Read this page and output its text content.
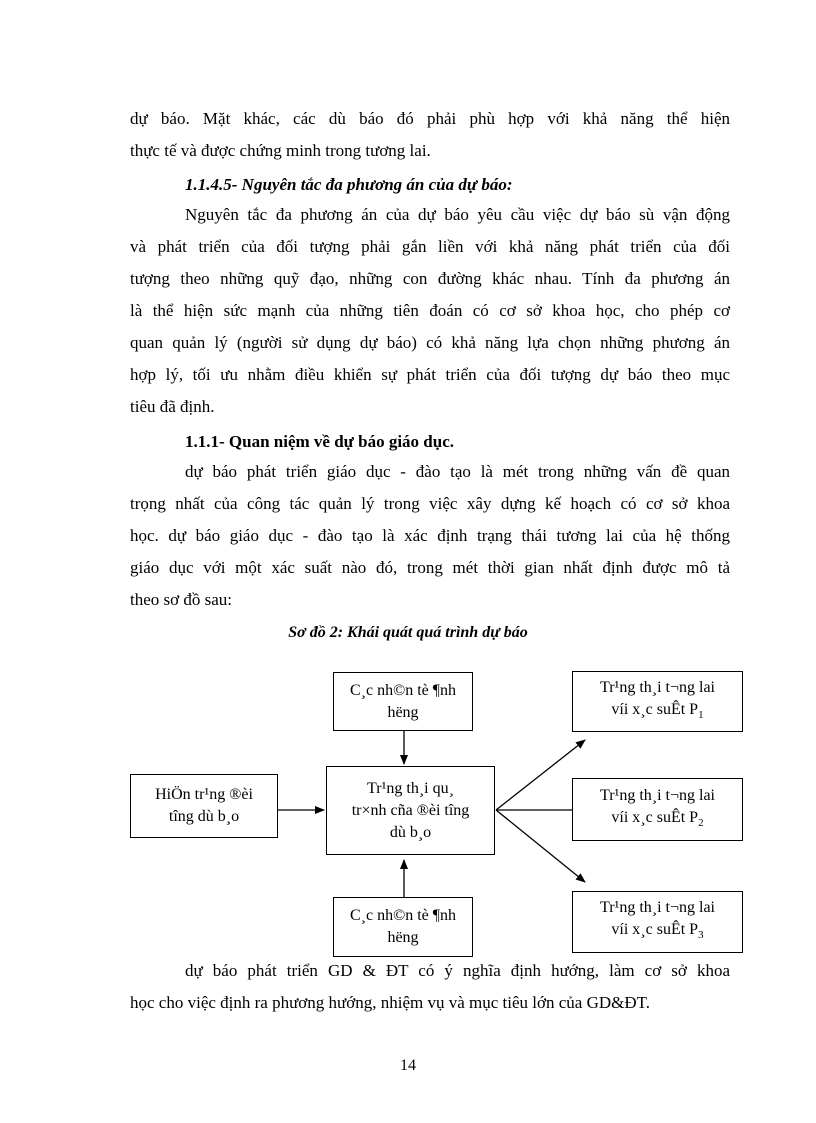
dự báo. Mặt khác, các dù báo đó phải phù hợp với khả năng thể hiện
thực tế và được chứng minh trong tương lai.

1.1.4.5- Nguyên tắc đa phương án của dự báo:

Nguyên tắc đa phương án của dự báo yêu cầu việc dự báo sù vận động
và phát triển của đối tượng phải gắn liền với khả năng phát triển của đối
tượng theo những quỹ đạo, những con đường khác nhau. Tính đa phương án
là thể hiện sức mạnh của những tiên đoán có cơ sở khoa học, cho phép cơ
quan quản lý (người sử dụng dự báo) có khả năng lựa chọn những phương án
hợp lý, tối ưu nhằm điều khiển sự phát triển của đối tượng dự báo theo mục
tiêu đã định.

1.1.1- Quan niệm về dự báo giáo dục.

dự báo phát triển giáo dục - đào tạo là mét trong những vấn đề quan
trọng nhất của công tác quản lý trong việc xây dựng kế hoạch có cơ sở khoa
học. dự báo giáo dục - đào tạo là xác định trạng thái tương lai của hệ thống
giáo dục với một xác suất nào đó, trong mét thời gian nhất định được mô tả
theo sơ đồ sau:

Sơ đồ 2: Khái quát quá trình dự báo

C¸c nh©n tè ¶nh
hëng
HiÖn tr¹ng ®èi
tîng dù b¸o
Tr¹ng th¸i qu¸
tr×nh cña ®èi tîng
dù b¸o
C¸c nh©n tè ¶nh
hëng
Tr¹ng th¸i t¬ng lai
víi x¸c suÊt $P_1$
Tr¹ng th¸i t¬ng lai
víi x¸c suÊt $P_2$
Tr¹ng th¸i t¬ng lai
víi x¸c suÊt $P_3$
dự báo phát triển GD & ĐT có ý nghĩa định hướng, làm cơ sở khoa
học cho việc định ra phương hướng, nhiệm vụ và mục tiêu lớn của GD&ĐT.

14
